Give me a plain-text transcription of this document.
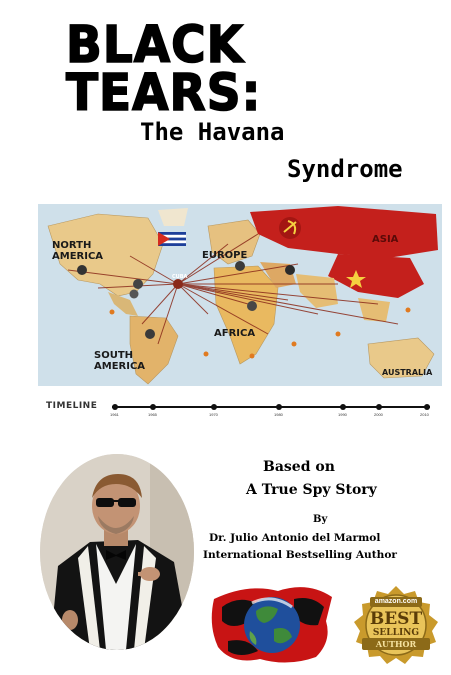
BLACK
TEARS:
The Havana
Syndrome
NORTH AMERICA	EUROPE
ASIA
AFRICA
SOUTH AMERICA
AUSTRALIA
CUBA
TIMELINE
1961	1965	1970	1980	1990	2000	2010
Based on
A True Spy Story
By
Dr. Julio Antonio del Marmol
International Bestselling Author
amazon.com
BEST
SELLING
AUTHOR
